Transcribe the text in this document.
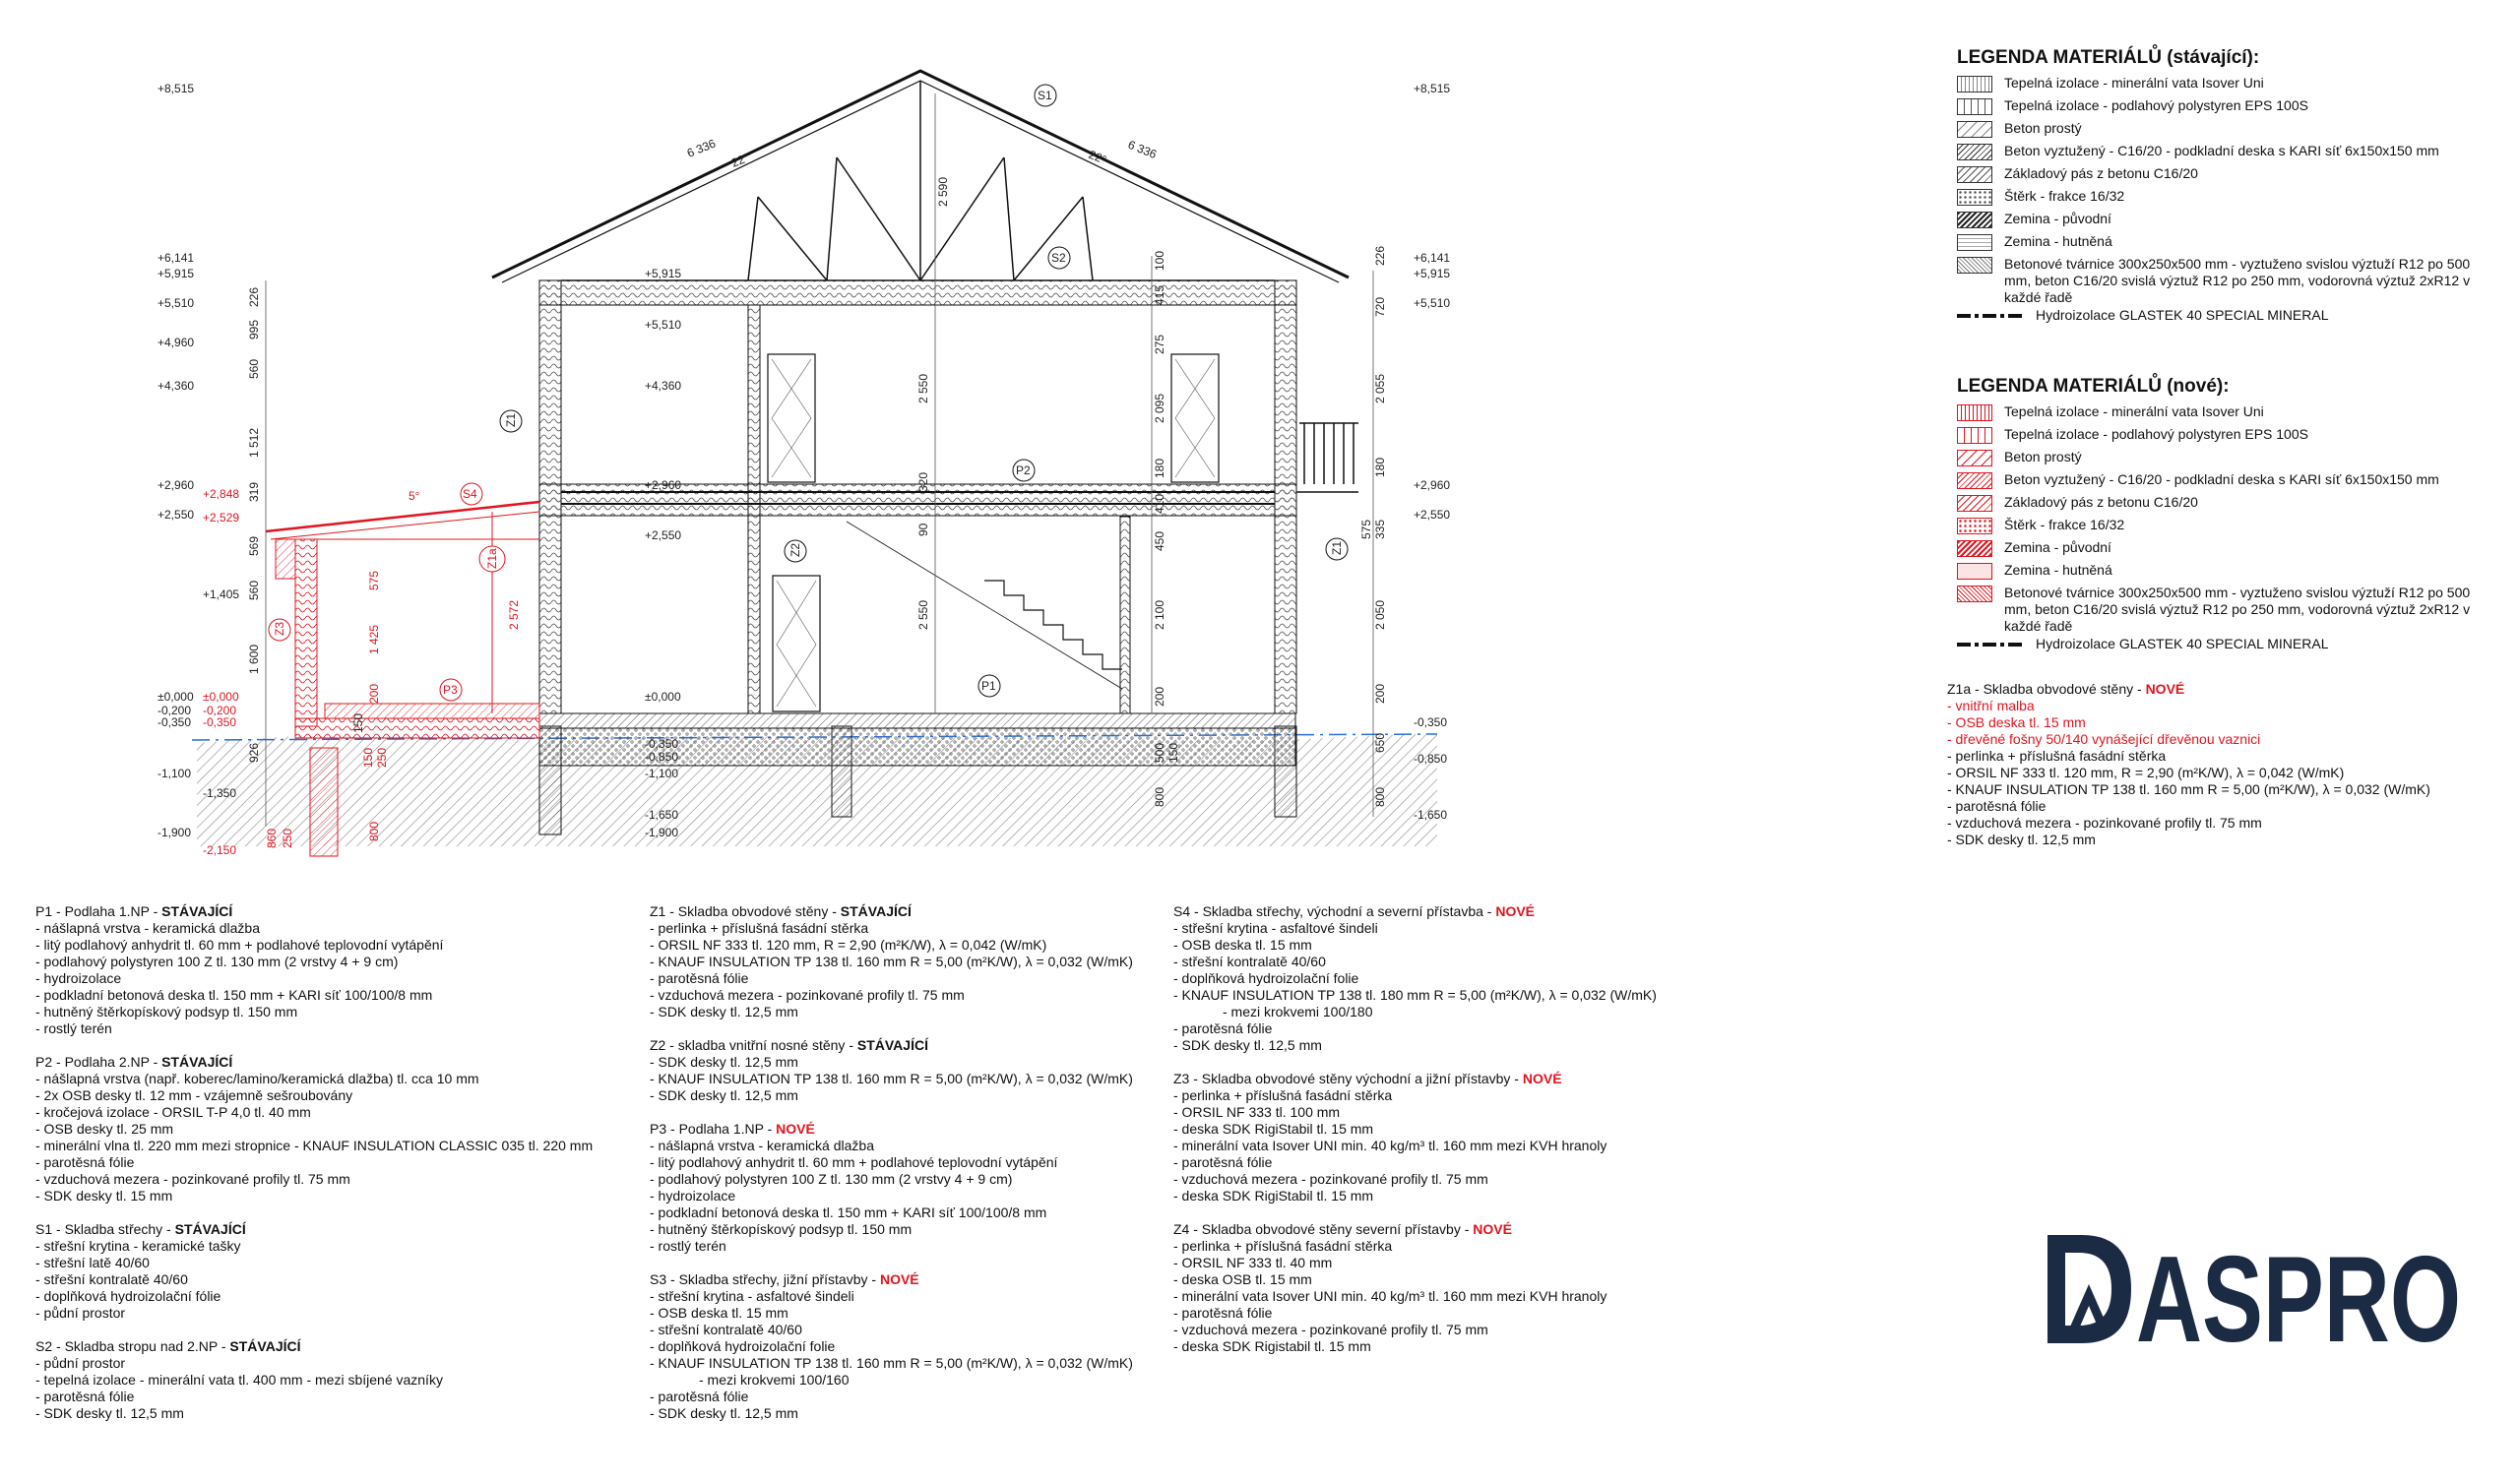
+8,515
+6,141
+5,915
+5,510
+4,960
+4,360
+2,960
+2,550
+1,405
±0,000
-0,200
-0,350
-1,100
-1,350
-1,900
+2,848
+2,529
±0,000
-0,200
-0,350
-2,150
+8,515
+6,141
+5,915
+5,510
+2,960
+2,550
-0,350
-0,850
-1,650
+5,915
+5,510
+4,360
+2,960
+2,550
±0,000
-0,350
-0,850
-1,100
-1,650
-1,900
226
995
560
1 512
319
569
560
1 600
926
150
575
1 425
200
2 572
860 250
150 250
800
2 590
2 550
320
90
2 550
415
100
275
2 095
180
410
450
2 100
200
500 150
800
226
720
2 055
180
335
575
2 050
200
650
800
6 336	6 336
22°	22°
5°
S1
S2
P2
Z1
Z1
Z2
P1
Z1a
S4
Z3
P3
LEGENDA MATERIÁLŮ (stávající):
Tepelná izolace - minerální vata Isover Uni
Tepelná izolace - podlahový polystyren EPS 100S
Beton prostý
Beton vyztužený - C16/20 - podkladní deska s KARI síť 6x150x150 mm
Základový pás z betonu C16/20
Štěrk - frakce 16/32
Zemina - původní
Zemina - hutněná
Betonové tvárnice 300x250x500 mm - vyztuženo svislou výztuží R12 po 500 mm, beton C16/20 svislá výztuž R12 po 250 mm, vodorovná výztuž 2xR12 v každé řadě
Hydroizolace GLASTEK 40 SPECIAL MINERAL
LEGENDA MATERIÁLŮ (nové):
Tepelná izolace - minerální vata Isover Uni
Tepelná izolace - podlahový polystyren EPS 100S
Beton prostý
Beton vyztužený - C16/20 - podkladní deska s KARI síť 6x150x150 mm
Základový pás z betonu C16/20
Štěrk - frakce 16/32
Zemina - původní
Zemina - hutněná
Betonové tvárnice 300x250x500 mm - vyztuženo svislou výztuží R12 po 500 mm, beton C16/20 svislá výztuž R12 po 250 mm, vodorovná výztuž 2xR12 v každé řadě
Hydroizolace GLASTEK 40 SPECIAL MINERAL
Z1a - Skladba obvodové stěny - NOVÉ
- vnitřní malba
- OSB deska tl. 15 mm
- dřevěné fošny 50/140 vynášející dřevěnou vaznici
- perlinka + příslušná fasádní stěrka
- ORSIL NF 333 tl. 120 mm, R = 2,90 (m²K/W), λ = 0,042 (W/mK)
- KNAUF INSULATION TP 138 tl. 160 mm R = 5,00 (m²K/W), λ = 0,032 (W/mK)
- parotěsná fólie
- vzduchová mezera - pozinkované profily tl. 75 mm
- SDK desky tl. 12,5 mm
P1 - Podlaha 1.NP - STÁVAJÍCÍ
- nášlapná vrstva - keramická dlažba
- litý podlahový anhydrit tl. 60 mm + podlahové teplovodní vytápění
- podlahový polystyren 100 Z tl. 130 mm (2 vrstvy 4 + 9 cm)
- hydroizolace
- podkladní betonová deska tl. 150 mm + KARI síť 100/100/8 mm
- hutněný štěrkopískový podsyp tl. 150 mm
- rostlý terén
P2 - Podlaha 2.NP - STÁVAJÍCÍ
- nášlapná vrstva (např. koberec/lamino/keramická dlažba) tl. cca 10 mm
- 2x OSB desky tl. 12 mm - vzájemně sešroubovány
- kročejová izolace - ORSIL T-P 4,0 tl. 40 mm
- OSB desky tl. 25 mm
- minerální vlna tl. 220 mm mezi stropnice - KNAUF INSULATION CLASSIC 035 tl. 220 mm
- parotěsná fólie
- vzduchová mezera - pozinkované profily tl. 75 mm
- SDK desky tl. 15 mm
S1 - Skladba střechy - STÁVAJÍCÍ
- střešní krytina - keramické tašky
- střešní latě 40/60
- střešní kontralatě 40/60
- doplňková hydroizolační fólie
- půdní prostor
S2 - Skladba stropu nad 2.NP - STÁVAJÍCÍ
- půdní prostor
- tepelná izolace - minerální vata tl. 400 mm - mezi sbíjené vazníky
- parotěsná fólie
- SDK desky tl. 12,5 mm
Z1 - Skladba obvodové stěny - STÁVAJÍCÍ
- perlinka + příslušná fasádní stěrka
- ORSIL NF 333 tl. 120 mm, R = 2,90 (m²K/W), λ = 0,042 (W/mK)
- KNAUF INSULATION TP 138 tl. 160 mm R = 5,00 (m²K/W), λ = 0,032 (W/mK)
- parotěsná fólie
- vzduchová mezera - pozinkované profily tl. 75 mm
- SDK desky tl. 12,5 mm
Z2 - skladba vnitřní nosné stěny - STÁVAJÍCÍ
- SDK desky tl. 12,5 mm
- KNAUF INSULATION TP 138 tl. 160 mm R = 5,00 (m²K/W), λ = 0,032 (W/mK)
- SDK desky tl. 12,5 mm
P3 - Podlaha 1.NP - NOVÉ
- nášlapná vrstva - keramická dlažba
- litý podlahový anhydrit tl. 60 mm + podlahové teplovodní vytápění
- podlahový polystyren 100 Z tl. 130 mm (2 vrstvy 4 + 9 cm)
- hydroizolace
- podkladní betonová deska tl. 150 mm + KARI síť 100/100/8 mm
- hutněný štěrkopískový podsyp tl. 150 mm
- rostlý terén
S3 - Skladba střechy, jižní přístavby - NOVÉ
- střešní krytina - asfaltové šindeli
- OSB deska tl. 15 mm
- střešní kontralatě 40/60
- doplňková hydroizolační folie
- KNAUF INSULATION TP 138 tl. 160 mm R = 5,00 (m²K/W), λ = 0,032 (W/mK)
- mezi krokvemi 100/160
- parotěsná fólie
- SDK desky tl. 12,5 mm
S4 - Skladba střechy, východní a severní přístavba - NOVÉ
- střešní krytina - asfaltové šindeli
- OSB deska tl. 15 mm
- střešní kontralatě 40/60
- doplňková hydroizolační folie
- KNAUF INSULATION TP 138 tl. 180 mm R = 5,00 (m²K/W), λ = 0,032 (W/mK)
- mezi krokvemi 100/180
- parotěsná fólie
- SDK desky tl. 12,5 mm
Z3 - Skladba obvodové stěny východní a jižní přístavby - NOVÉ
- perlinka + příslušná fasádní stěrka
- ORSIL NF 333 tl. 100 mm
- deska SDK RigiStabil tl. 15 mm
- minerální vata Isover UNI min. 40 kg/m³ tl. 160 mm mezi KVH hranoly
- parotěsná fólie
- vzduchová mezera - pozinkované profily tl. 75 mm
- deska SDK RigiStabil tl. 15 mm
Z4 - Skladba obvodové stěny severní přístavby - NOVÉ
- perlinka + příslušná fasádní stěrka
- ORSIL NF 333 tl. 40 mm
- deska OSB tl. 15 mm
- minerální vata Isover UNI min. 40 kg/m³ tl. 160 mm mezi KVH hranoly
- parotěsná fólie
- vzduchová mezera - pozinkované profily tl. 75 mm
- deska SDK Rigistabil tl. 15 mm	ASPRO
